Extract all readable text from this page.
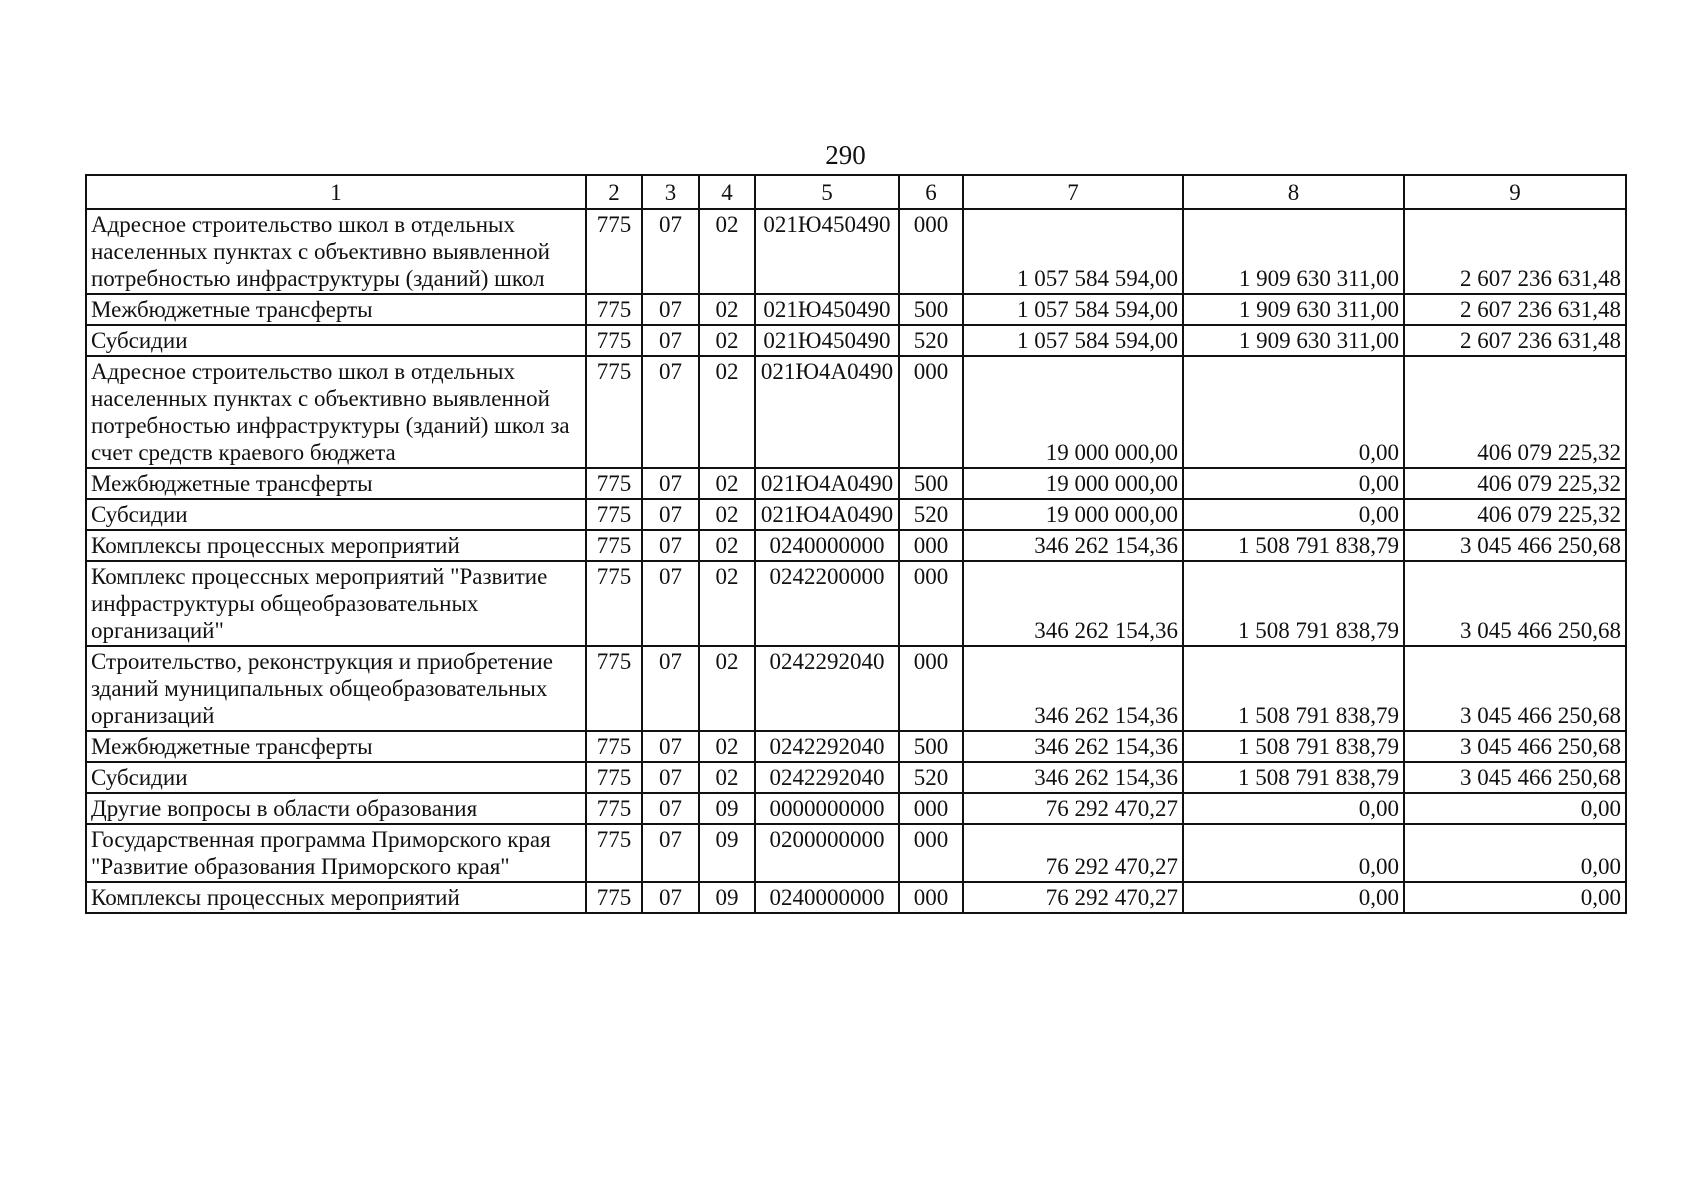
290
1	2	3	4	5	6	7	8	9
Адресное строительство школ в отдельных населенных пунктах с объективно выявленной потребностью инфраструктуры (зданий) школ	775	07	02	021Ю450490	000	1 057 584 594,00	1 909 630 311,00	2 607 236 631,48
Межбюджетные трансферты	775	07	02	021Ю450490	500	1 057 584 594,00	1 909 630 311,00	2 607 236 631,48
Субсидии	775	07	02	021Ю450490	520	1 057 584 594,00	1 909 630 311,00	2 607 236 631,48
Адресное строительство школ в отдельных населенных пунктах с объективно выявленной потребностью инфраструктуры (зданий) школ за счет средств краевого бюджета	775	07	02	021Ю4А0490	000	19 000 000,00	0,00	406 079 225,32
Межбюджетные трансферты	775	07	02	021Ю4А0490	500	19 000 000,00	0,00	406 079 225,32
Субсидии	775	07	02	021Ю4А0490	520	19 000 000,00	0,00	406 079 225,32
Комплексы процессных мероприятий	775	07	02	0240000000	000	346 262 154,36	1 508 791 838,79	3 045 466 250,68
Комплекс процессных мероприятий "Развитие инфраструктуры общеобразовательных организаций"	775	07	02	0242200000	000	346 262 154,36	1 508 791 838,79	3 045 466 250,68
Строительство, реконструкция и приобретение зданий муниципальных общеобразовательных организаций	775	07	02	0242292040	000	346 262 154,36	1 508 791 838,79	3 045 466 250,68
Межбюджетные трансферты	775	07	02	0242292040	500	346 262 154,36	1 508 791 838,79	3 045 466 250,68
Субсидии	775	07	02	0242292040	520	346 262 154,36	1 508 791 838,79	3 045 466 250,68
Другие вопросы в области образования	775	07	09	0000000000	000	76 292 470,27	0,00	0,00
Государственная программа Приморского края "Развитие образования Приморского края"	775	07	09	0200000000	000	76 292 470,27	0,00	0,00
Комплексы процессных мероприятий	775	07	09	0240000000	000	76 292 470,27	0,00	0,00
